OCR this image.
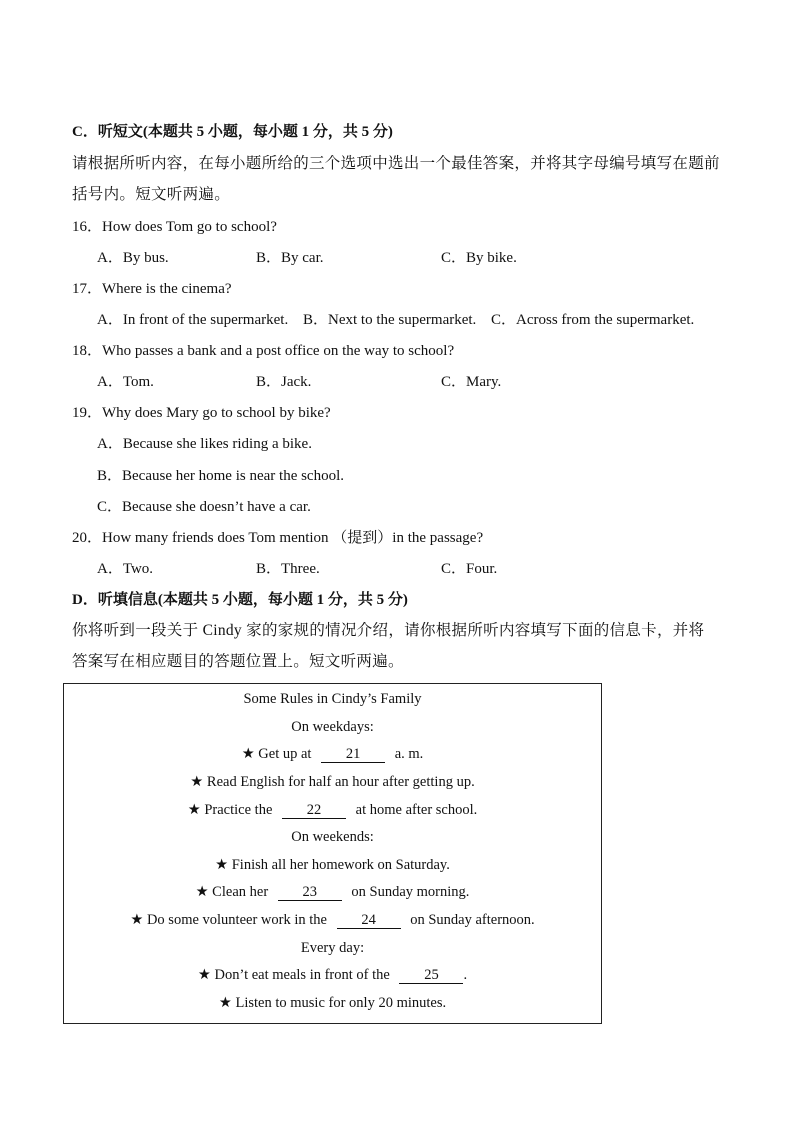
C．听短文(本题共 5 小题，每小题 1 分，共 5 分)
请根据所听内容，在每小题所给的三个选项中选出一个最佳答案，并将其字母编号填写在题前
括号内。短文听两遍。
16．How does Tom go to school?
A．By bus.	B．By car.	C．By bike.
17．Where is the cinema?
A．In front of the supermarket. B．Next to the supermarket. C．Across from the supermarket.
18．Who passes a bank and a post office on the way to school?
A．Tom.	B．Jack.	C．Mary.
19．Why does Mary go to school by bike?
A．Because she likes riding a bike.
B．Because her home is near the school.
C．Because she doesn’t have a car.
20．How many friends does Tom mention （提到）in the passage?
A．Two.	B．Three.	C．Four.
D．听填信息(本题共 5 小题，每小题 1 分，共 5 分)
你将听到一段关于 Cindy 家的家规的情况介绍，请你根据所听内容填写下面的信息卡，并将
答案写在相应题目的答题位置上。短文听两遍。
Some Rules in Cindy’s Family
On weekdays:
★ Get up at 21 a. m.
★ Read English for half an hour after getting up.
★ Practice the 22 at home after school.
On weekends:
★ Finish all her homework on Saturday.
★ Clean her 23 on Sunday morning.
★ Do some volunteer work in the 24 on Sunday afternoon.
Every day:
★ Don’t eat meals in front of the 25 .
★ Listen to music for only 20 minutes.
